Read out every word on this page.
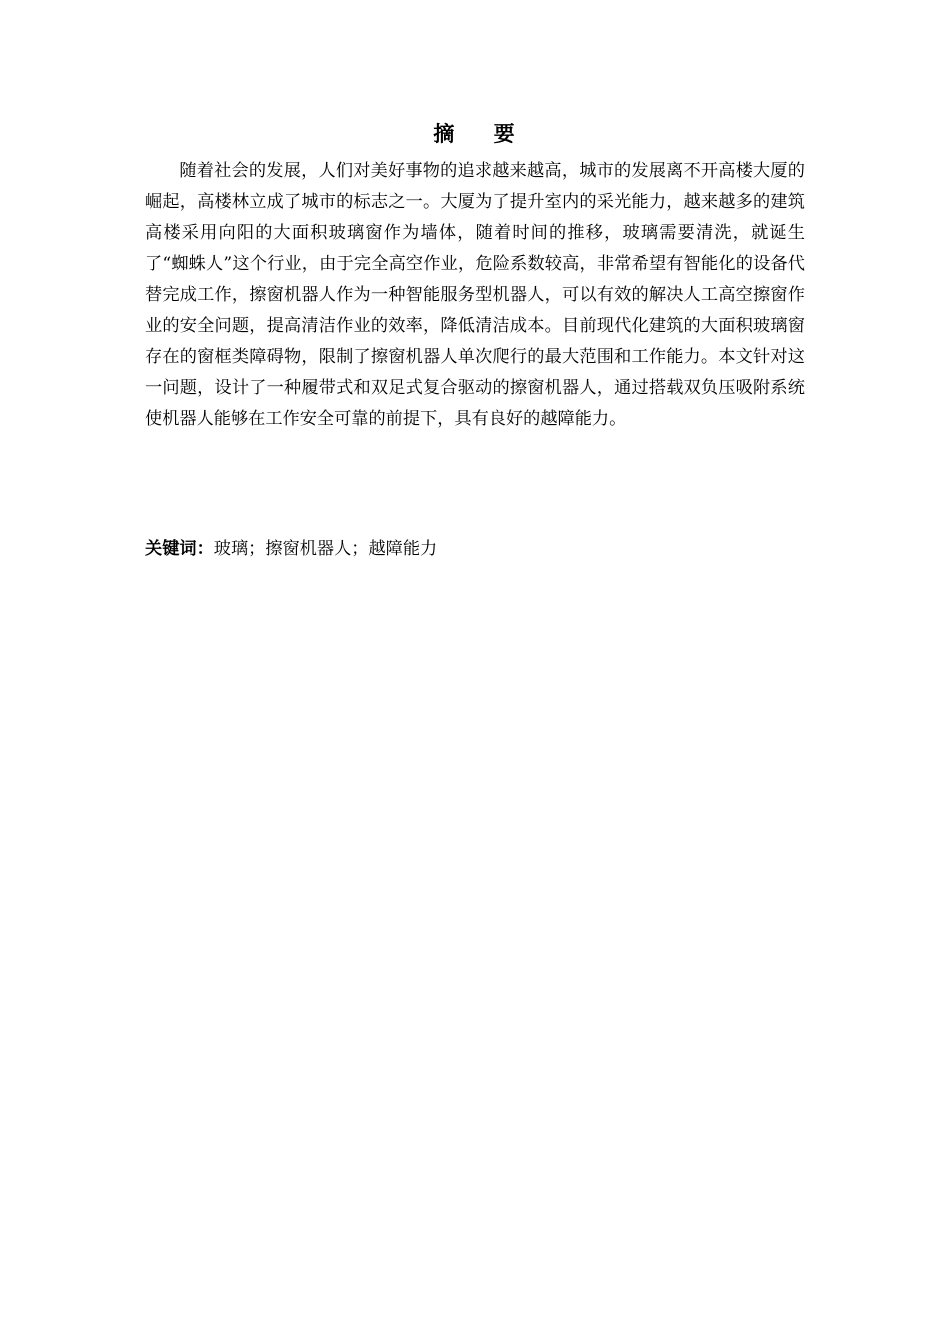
摘    要

随着社会的发展，人们对美好事物的追求越来越高，城市的发展离不开高楼大厦的崛起，高楼林立成了城市的标志之一。大厦为了提升室内的采光能力，越来越多的建筑高楼采用向阳的大面积玻璃窗作为墙体，随着时间的推移，玻璃需要清洗，就诞生了“蜘蛛人”这个行业，由于完全高空作业，危险系数较高，非常希望有智能化的设备代替完成工作，擦窗机器人作为一种智能服务型机器人，可以有效的解决人工高空擦窗作业的安全问题，提高清洁作业的效率，降低清洁成本。目前现代化建筑的大面积玻璃窗存在的窗框类障碍物，限制了擦窗机器人单次爬行的最大范围和工作能力。本文针对这一问题，设计了一种履带式和双足式复合驱动的擦窗机器人，通过搭载双负压吸附系统使机器人能够在工作安全可靠的前提下，具有良好的越障能力。

关键词：玻璃；擦窗机器人；越障能力
